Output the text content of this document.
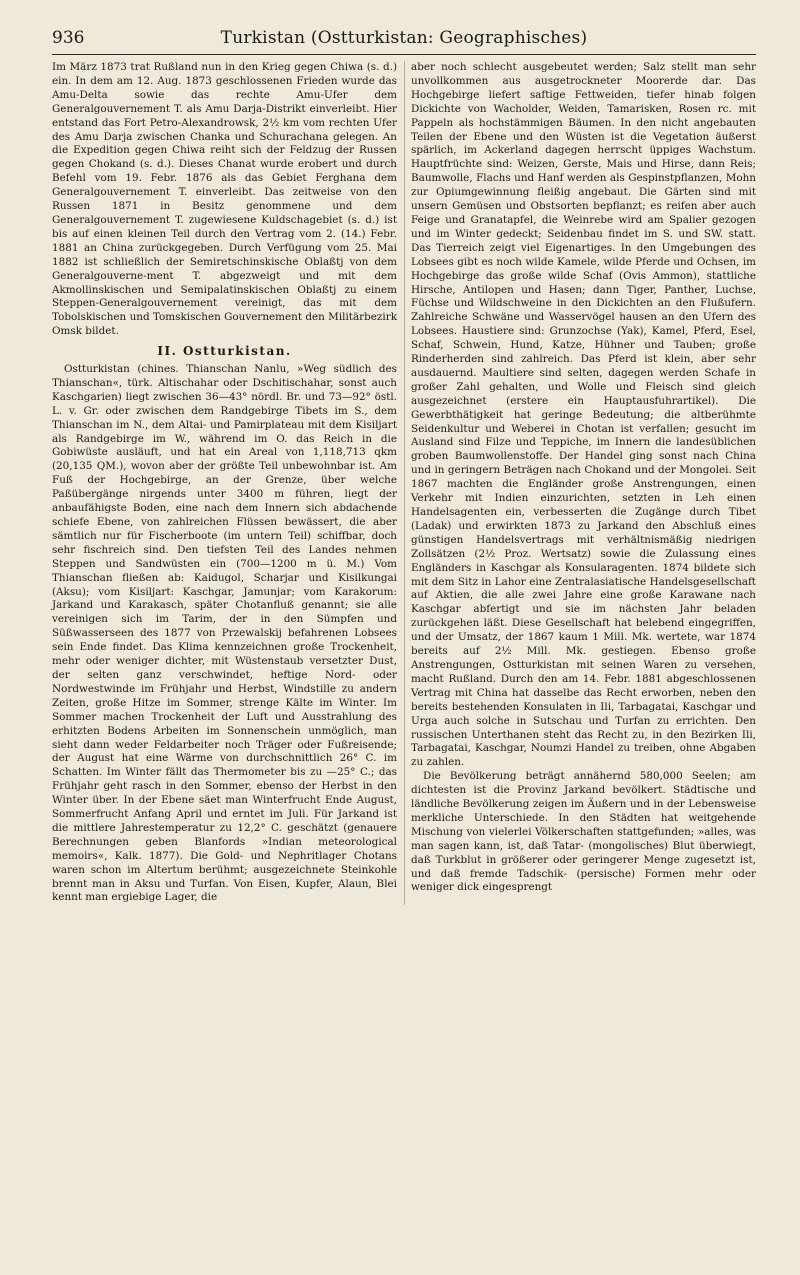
936	Turkistan (Ostturkistan: Geographisches)

Im März 1873 trat Rußland nun in den Krieg gegen Chiwa (s. d.) ein. In dem am 12. Aug. 1873 geschlossenen Frieden wurde das Amu-Delta sowie das rechte Amu-Ufer dem Generalgouvernement T. als Amu Darja-Distrikt einverleibt. Hier entstand das Fort Petro-Alexandrowsk, 2½ km vom rechten Ufer des Amu Darja zwischen Chanka und Schurachana gelegen. An die Expedition gegen Chiwa reiht sich der Feldzug der Russen gegen Chokand (s. d.). Dieses Chanat wurde erobert und durch Befehl vom 19. Febr. 1876 als das Gebiet Ferghana dem Generalgouvernement T. einverleibt. Das zeitweise von den Russen 1871 in Besitz genommene und dem Generalgouvernement T. zugewiesene Kuldschagebiet (s. d.) ist bis auf einen kleinen Teil durch den Vertrag vom 2. (14.) Febr. 1881 an China zurückgegeben. Durch Verfügung vom 25. Mai 1882 ist schließlich der Semiretschinskische Oblaßtj von dem Generalgouverne-ment T. abgezweigt und mit dem Akmollinskischen und Semipalatinskischen Oblaßtj zu einem Steppen-Generalgouvernement vereinigt, das mit dem Tobolskischen und Tomskischen Gouvernement den Militärbezirk Omsk bildet.

II. Ostturkistan.

Ostturkistan (chines. Thianschan Nanlu, »Weg südlich des Thianschan«, türk. Altischahar oder Dschitischahar, sonst auch Kaschgarien) liegt zwischen 36—43° nördl. Br. und 73—92° östl. L. v. Gr. oder zwischen dem Randgebirge Tibets im S., dem Thianschan im N., dem Altai- und Pamirplateau mit dem Kisiljart als Randgebirge im W., während im O. das Reich in die Gobiwüste ausläuft, und hat ein Areal von 1,118,713 qkm (20,135 QM.), wovon aber der größte Teil unbewohnbar ist. Am Fuß der Hochgebirge, an der Grenze, über welche Paßübergänge nirgends unter 3400 m führen, liegt der anbaufähigste Boden, eine nach dem Innern sich abdachende schiefe Ebene, von zahlreichen Flüssen bewässert, die aber sämtlich nur für Fischerboote (im untern Teil) schiffbar, doch sehr fischreich sind. Den tiefsten Teil des Landes nehmen Steppen und Sandwüsten ein (700—1200 m ü. M.) Vom Thianschan fließen ab: Kaidugol, Scharjar und Kisilkungai (Aksu); vom Kisiljart: Kaschgar, Jamunjar; vom Karakorum: Jarkand und Karakasch, später Chotanfluß genannt; sie alle vereinigen sich im Tarim, der in den Sümpfen und Süßwasserseen des 1877 von Przewalskij befahrenen Lobsees sein Ende findet. Das Klima kennzeichnen große Trockenheit, mehr oder weniger dichter, mit Wüstenstaub versetzter Dust, der selten ganz verschwindet, heftige Nord- oder Nordwestwinde im Frühjahr und Herbst, Windstille zu andern Zeiten, große Hitze im Sommer, strenge Kälte im Winter. Im Sommer machen Trockenheit der Luft und Ausstrahlung des erhitzten Bodens Arbeiten im Sonnenschein unmöglich, man sieht dann weder Feldarbeiter noch Träger oder Fußreisende; der August hat eine Wärme von durchschnittlich 26° C. im Schatten. Im Winter fällt das Thermometer bis zu —25° C.; das Frühjahr geht rasch in den Sommer, ebenso der Herbst in den Winter über. In der Ebene säet man Winterfrucht Ende August, Sommerfrucht Anfang April und erntet im Juli. Für Jarkand ist die mittlere Jahrestemperatur zu 12,2° C. geschätzt (genauere Berechnungen geben Blanfords »Indian meteorological memoirs«, Kalk. 1877). Die Gold- und Nephritlager Chotans waren schon im Altertum berühmt; ausgezeichnete Steinkohle brennt man in Aksu und Turfan. Von Eisen, Kupfer, Alaun, Blei kennt man ergiebige Lager, die

aber noch schlecht ausgebeutet werden; Salz stellt man sehr unvollkommen aus ausgetrockneter Moorerde dar. Das Hochgebirge liefert saftige Fettweiden, tiefer hinab folgen Dickichte von Wacholder, Weiden, Tamarisken, Rosen rc. mit Pappeln als hochstämmigen Bäumen. In den nicht angebauten Teilen der Ebene und den Wüsten ist die Vegetation äußerst spärlich, im Ackerland dagegen herrscht üppiges Wachstum. Hauptfrüchte sind: Weizen, Gerste, Mais und Hirse, dann Reis; Baumwolle, Flachs und Hanf werden als Gespinstpflanzen, Mohn zur Opiumgewinnung fleißig angebaut. Die Gärten sind mit unsern Gemüsen und Obstsorten bepflanzt; es reifen aber auch Feige und Granatapfel, die Weinrebe wird am Spalier gezogen und im Winter gedeckt; Seidenbau findet im S. und SW. statt. Das Tierreich zeigt viel Eigenartiges. In den Umgebungen des Lobsees gibt es noch wilde Kamele, wilde Pferde und Ochsen, im Hochgebirge das große wilde Schaf (Ovis Ammon), stattliche Hirsche, Antilopen und Hasen; dann Tiger, Panther, Luchse, Füchse und Wildschweine in den Dickichten an den Flußufern. Zahlreiche Schwäne und Wasservögel hausen an den Ufern des Lobsees. Haustiere sind: Grunzochse (Yak), Kamel, Pferd, Esel, Schaf, Schwein, Hund, Katze, Hühner und Tauben; große Rinderherden sind zahlreich. Das Pferd ist klein, aber sehr ausdauernd. Maultiere sind selten, dagegen werden Schafe in großer Zahl gehalten, und Wolle und Fleisch sind gleich ausgezeichnet (erstere ein Hauptausfuhrartikel). Die Gewerbthätigkeit hat geringe Bedeutung; die altberühmte Seidenkultur und Weberei in Chotan ist verfallen; gesucht im Ausland sind Filze und Teppiche, im Innern die landesüblichen groben Baumwollenstoffe. Der Handel ging sonst nach China und in geringern Beträgen nach Chokand und der Mongolei. Seit 1867 machten die Engländer große Anstrengungen, einen Verkehr mit Indien einzurichten, setzten in Leh einen Handelsagenten ein, verbesserten die Zugänge durch Tibet (Ladak) und erwirkten 1873 zu Jarkand den Abschluß eines günstigen Handelsvertrags mit verhältnismäßig niedrigen Zollsätzen (2½ Proz. Wertsatz) sowie die Zulassung eines Engländers in Kaschgar als Konsularagenten. 1874 bildete sich mit dem Sitz in Lahor eine Zentralasiatische Handelsgesellschaft auf Aktien, die alle zwei Jahre eine große Karawane nach Kaschgar abfertigt und sie im nächsten Jahr beladen zurückgehen läßt. Diese Gesellschaft hat belebend eingegriffen, und der Umsatz, der 1867 kaum 1 Mill. Mk. wertete, war 1874 bereits auf 2½ Mill. Mk. gestiegen. Ebenso große Anstrengungen, Ostturkistan mit seinen Waren zu versehen, macht Rußland. Durch den am 14. Febr. 1881 abgeschlossenen Vertrag mit China hat dasselbe das Recht erworben, neben den bereits bestehenden Konsulaten in Ili, Tarbagatai, Kaschgar und Urga auch solche in Sutschau und Turfan zu errichten. Den russischen Unterthanen steht das Recht zu, in den Bezirken Ili, Tarbagatai, Kaschgar, Noumzi Handel zu treiben, ohne Abgaben zu zahlen.

Die Bevölkerung beträgt annähernd 580,000 Seelen; am dichtesten ist die Provinz Jarkand bevölkert. Städtische und ländliche Bevölkerung zeigen im Äußern und in der Lebensweise merkliche Unterschiede. In den Städten hat weitgehende Mischung von vielerlei Völkerschaften stattgefunden; »alles, was man sagen kann, ist, daß Tatar- (mongolisches) Blut überwiegt, daß Turkblut in größerer oder geringerer Menge zugesetzt ist, und daß fremde Tadschik- (persische) Formen mehr oder weniger dick eingesprengt
